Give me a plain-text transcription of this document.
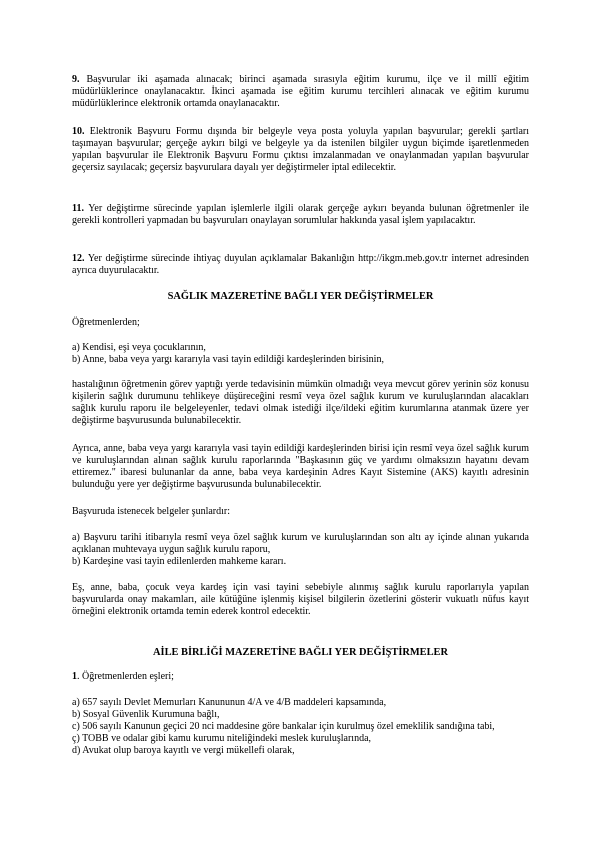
9. Başvurular iki aşamada alınacak; birinci aşamada sırasıyla eğitim kurumu, ilçe ve il millî eğitim müdürlüklerince onaylanacaktır. İkinci aşamada ise eğitim kurumu tercihleri alınacak ve eğitim kurumu müdürlüklerince elektronik ortamda onaylanacaktır.
10. Elektronik Başvuru Formu dışında bir belgeyle veya posta yoluyla yapılan başvurular; gerekli şartları taşımayan başvurular; gerçeğe aykırı bilgi ve belgeyle ya da istenilen bilgiler uygun biçimde işaretlenmeden yapılan başvurular ile Elektronik Başvuru Formu çıktısı imzalanmadan ve onaylanmadan yapılan başvurular geçersiz sayılacak; geçersiz başvurulara dayalı yer değiştirmeler iptal edilecektir.
11. Yer değiştirme sürecinde yapılan işlemlerle ilgili olarak gerçeğe aykırı beyanda bulunan öğretmenler ile gerekli kontrolleri yapmadan bu başvuruları onaylayan sorumlular hakkında yasal işlem yapılacaktır.
12. Yer değiştirme sürecinde ihtiyaç duyulan açıklamalar Bakanlığın http://ikgm.meb.gov.tr internet adresinden ayrıca duyurulacaktır.
SAĞLIK MAZERETİNE BAĞLI YER DEĞİŞTİRMELER
Öğretmenlerden;
a) Kendisi, eşi veya çocuklarının,
b) Anne, baba veya yargı kararıyla vasi tayin edildiği kardeşlerinden birisinin,
hastalığının öğretmenin görev yaptığı yerde tedavisinin mümkün olmadığı veya mevcut görev yerinin söz konusu kişilerin sağlık durumunu tehlikeye düşüreceğini resmî veya özel sağlık kurum ve kuruluşlarından alacakları sağlık kurulu raporu ile belgeleyenler, tedavi olmak istediği ilçe/ildeki eğitim kurumlarına atanmak üzere yer değiştirme başvurusunda bulunabilecektir.
Ayrıca, anne, baba veya yargı kararıyla vasi tayin edildiği kardeşlerinden birisi için resmî veya özel sağlık kurum ve kuruluşlarından alınan sağlık kurulu raporlarında "Başkasının güç ve yardımı olmaksızın hayatını devam ettiremez." ibaresi bulunanlar da anne, baba veya kardeşinin Adres Kayıt Sistemine (AKS) kayıtlı adresinin bulunduğu yere yer değiştirme başvurusunda bulunabilecektir.
Başvuruda istenecek belgeler şunlardır:
a) Başvuru tarihi itibarıyla resmî veya özel sağlık kurum ve kuruluşlarından son altı ay içinde alınan yukarıda açıklanan muhtevaya uygun sağlık kurulu raporu,
b) Kardeşine vasi tayin edilenlerden mahkeme kararı.
Eş, anne, baba, çocuk veya kardeş için vasi tayini sebebiyle alınmış sağlık kurulu raporlarıyla yapılan başvurularda onay makamları, aile kütüğüne işlenmiş kişisel bilgilerin özetlerini gösterir vukuatlı nüfus kayıt örneğini elektronik ortamda temin ederek kontrol edecektir.
AİLE BİRLİĞİ MAZERETİNE BAĞLI YER DEĞİŞTİRMELER
1. Öğretmenlerden eşleri;
a) 657 sayılı Devlet Memurları Kanununun 4/A ve 4/B maddeleri kapsamında,
b) Sosyal Güvenlik Kurumuna bağlı,
c) 506 sayılı Kanunun geçici 20 nci maddesine göre bankalar için kurulmuş özel emeklilik sandığına tabi,
ç) TOBB ve odalar gibi kamu kurumu niteliğindeki meslek kuruluşlarında,
d) Avukat olup baroya kayıtlı ve vergi mükellefi olarak,
